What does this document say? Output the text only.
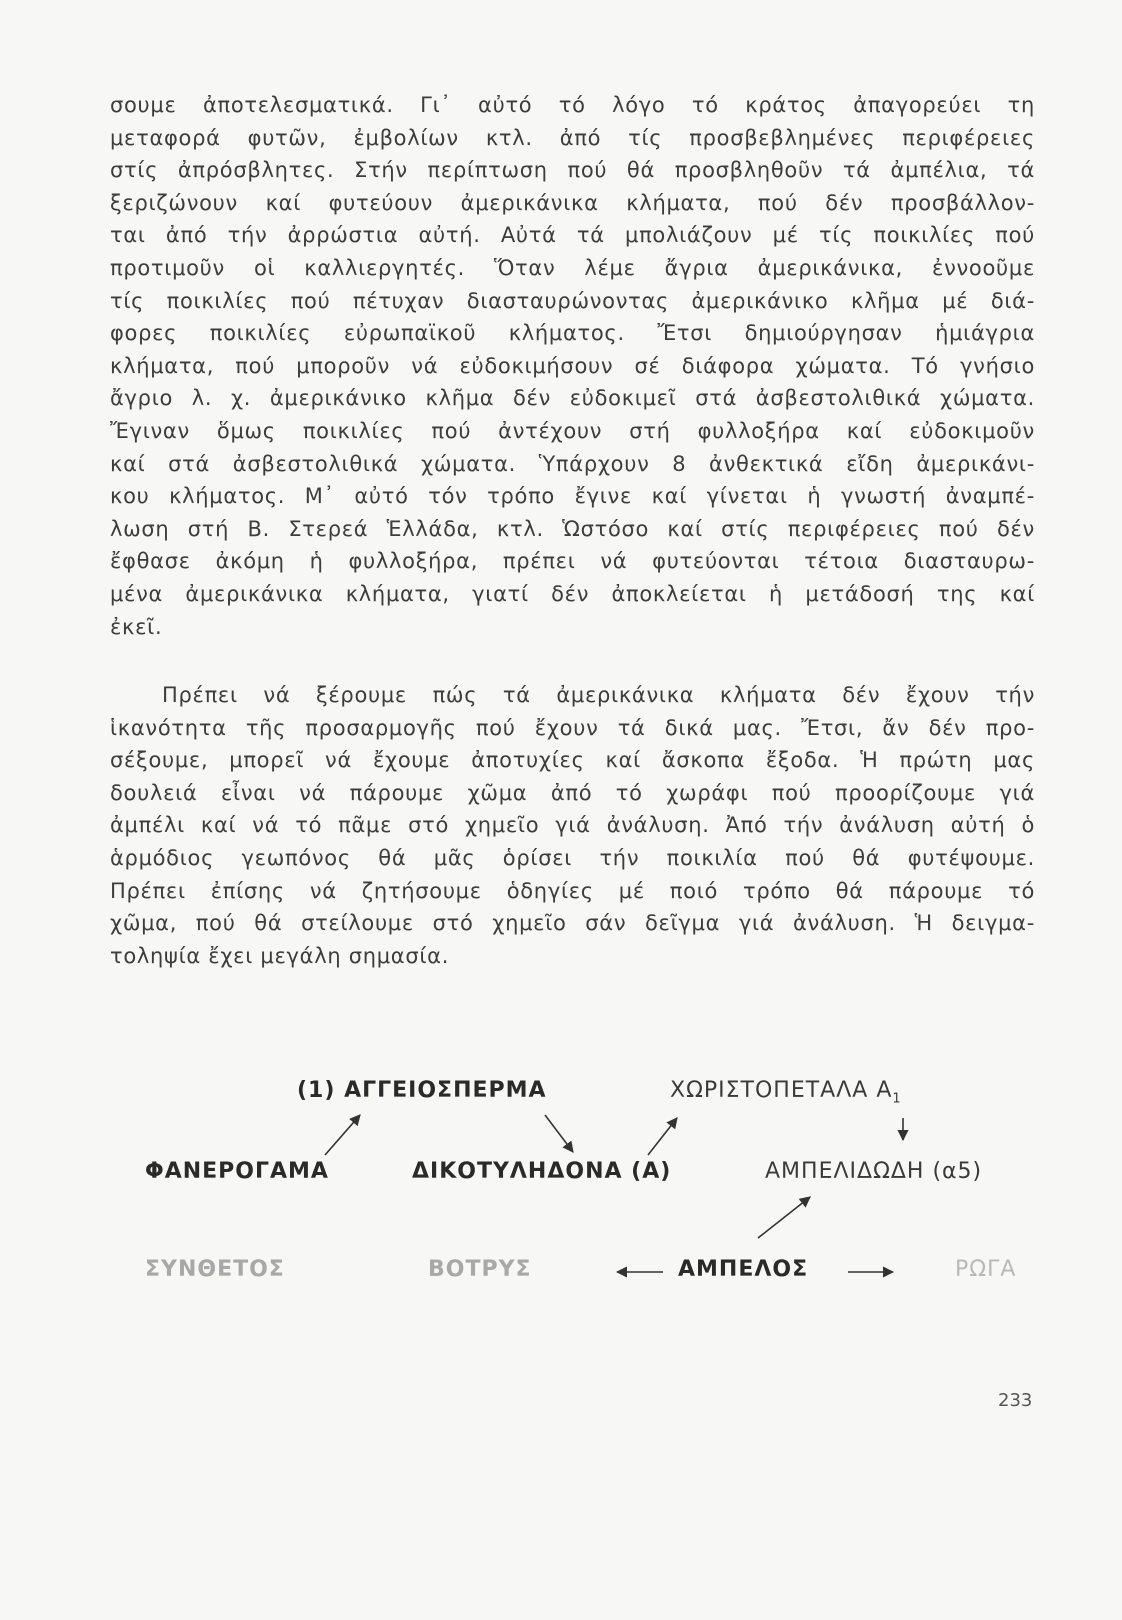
σουμε ἀποτελεσματικά. Γι᾽ αὐτό τό λόγο τό κράτος ἀπαγορεύει τη
μεταφορά φυτῶν, ἐμβολίων κτλ. ἀπό τίς προσβεβλημένες περιφέρειες
στίς ἀπρόσβλητες. Στήν περίπτωση πού θά προσβληθοῦν τά ἀμπέλια, τά
ξεριζώνουν καί φυτεύουν ἀμερικάνικα κλήματα, πού δέν προσβάλλον-
ται ἀπό τήν ἀρρώστια αὐτή. Αὐτά τά μπολιάζουν μέ τίς ποικιλίες πού
προτιμοῦν οἱ καλλιεργητές. Ὅταν λέμε ἄγρια ἀμερικάνικα, ἐννοοῦμε
τίς ποικιλίες πού πέτυχαν διασταυρώνοντας ἀμερικάνικο κλῆμα μέ διά-
φορες ποικιλίες εὐρωπαϊκοῦ κλήματος. Ἔτσι δημιούργησαν ἡμιάγρια
κλήματα, πού μποροῦν νά εὐδοκιμήσουν σέ διάφορα χώματα. Τό γνήσιο
ἄγριο λ. χ. ἀμερικάνικο κλῆμα δέν εὐδοκιμεῖ στά ἀσβεστολιθικά χώματα.
Ἔγιναν ὅμως ποικιλίες πού ἀντέχουν στή φυλλοξήρα καί εὐδοκιμοῦν
καί στά ἀσβεστολιθικά χώματα. Ὑπάρχουν 8 ἀνθεκτικά εἴδη ἀμερικάνι-
κου κλήματος. Μ᾽ αὐτό τόν τρόπο ἔγινε καί γίνεται ἡ γνωστή ἀναμπέ-
λωση στή Β. Στερεά Ἑλλάδα, κτλ. Ὡστόσο καί στίς περιφέρειες πού δέν
ἔφθασε ἀκόμη ἡ φυλλοξήρα, πρέπει νά φυτεύονται τέτοια διασταυρω-
μένα ἀμερικάνικα κλήματα, γιατί δέν ἀποκλείεται ἡ μετάδοσή της καί
ἐκεῖ.
Πρέπει νά ξέρουμε πώς τά ἀμερικάνικα κλήματα δέν ἔχουν τήν
ἱκανότητα τῆς προσαρμογῆς πού ἔχουν τά δικά μας. Ἔτσι, ἄν δέν προ-
σέξουμε, μπορεῖ νά ἔχουμε ἀποτυχίες καί ἄσκοπα ἔξοδα. Ἡ πρώτη μας
δουλειά εἶναι νά πάρουμε χῶμα ἀπό τό χωράφι πού προορίζουμε γιά
ἀμπέλι καί νά τό πᾶμε στό χημεῖο γιά ἀνάλυση. Ἀπό τήν ἀνάλυση αὐτή ὁ
ἁρμόδιος γεωπόνος θά μᾶς ὁρίσει τήν ποικιλία πού θά φυτέψουμε.
Πρέπει ἐπίσης νά ζητήσουμε ὁδηγίες μέ ποιό τρόπο θά πάρουμε τό
χῶμα, πού θά στείλουμε στό χημεῖο σάν δεῖγμα γιά ἀνάλυση. Ἡ δειγμα-
τοληψία ἔχει μεγάλη σημασία.
(1) ΑΓΓΕΙΟΣΠΕΡΜΑ	ΧΩΡΙΣΤΟΠΕΤΑΛΑ $A_1$
ΦΑΝΕΡΟΓΑΜΑ	ΔΙΚΟΤΥΛΗΔΟΝΑ (Α)	ΑΜΠΕΛΙΔΩΔΗ (α5)
ΣΥΝΘΕΤΟΣ	ΒΟΤΡΥΣ	ΑΜΠΕΛΟΣ	ΡΩΓΑ
233
